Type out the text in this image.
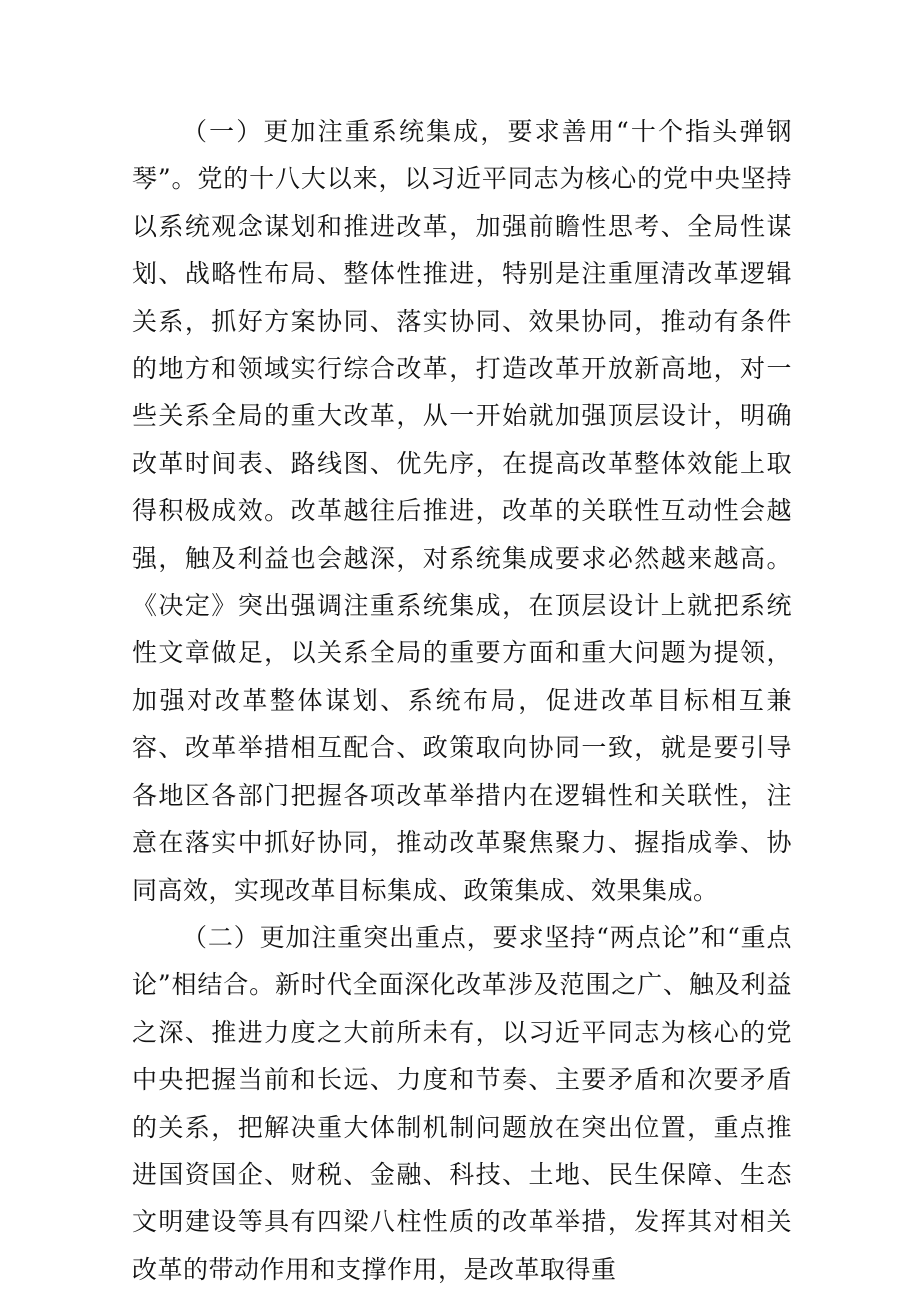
（一）更加注重系统集成，要求善用“十个指头弹钢琴”。党的十八大以来，以习近平同志为核心的党中央坚持以系统观念谋划和推进改革，加强前瞻性思考、全局性谋划、战略性布局、整体性推进，特别是注重厘清改革逻辑关系，抓好方案协同、落实协同、效果协同，推动有条件的地方和领域实行综合改革，打造改革开放新高地，对一些关系全局的重大改革，从一开始就加强顶层设计，明确改革时间表、路线图、优先序，在提高改革整体效能上取得积极成效。改革越往后推进，改革的关联性互动性会越强，触及利益也会越深，对系统集成要求必然越来越高。《决定》突出强调注重系统集成，在顶层设计上就把系统性文章做足，以关系全局的重要方面和重大问题为提领，加强对改革整体谋划、系统布局，促进改革目标相互兼容、改革举措相互配合、政策取向协同一致，就是要引导各地区各部门把握各项改革举措内在逻辑性和关联性，注意在落实中抓好协同，推动改革聚焦聚力、握指成拳、协同高效，实现改革目标集成、政策集成、效果集成。

（二）更加注重突出重点，要求坚持“两点论”和“重点论”相结合。新时代全面深化改革涉及范围之广、触及利益之深、推进力度之大前所未有，以习近平同志为核心的党中央把握当前和长远、力度和节奏、主要矛盾和次要矛盾的关系，把解决重大体制机制问题放在突出位置，重点推进国资国企、财税、金融、科技、土地、民生保障、生态文明建设等具有四梁八柱性质的改革举措，发挥其对相关改革的带动作用和支撑作用，是改革取得重
